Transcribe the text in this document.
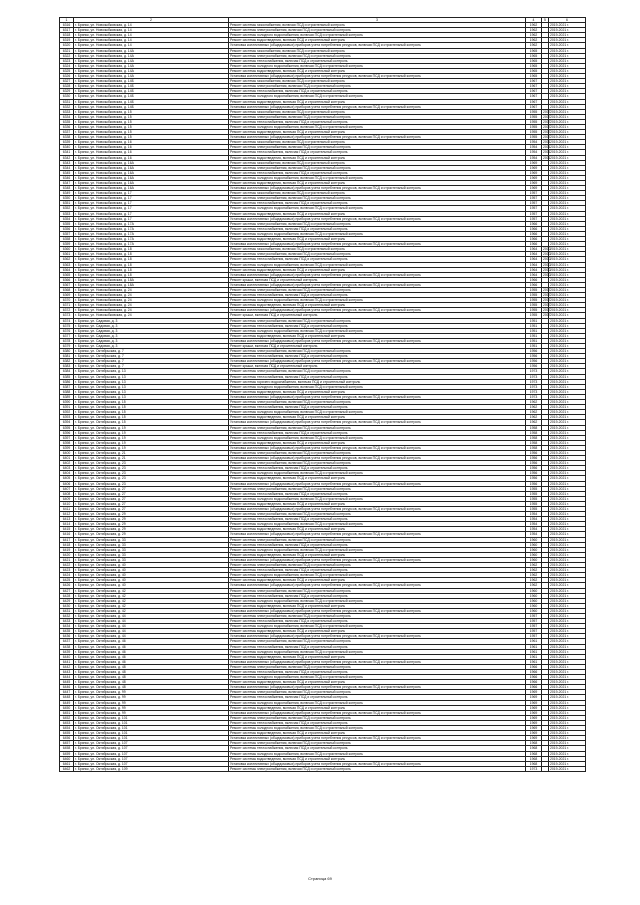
1	2	3	4	5	6
6316	г. Брянск, ул. Новозыбковская, д. 14	Ремонт системы газоснабжения, включая ПСД и строительный контроль	1962		2019-2021 г.
6317	г. Брянск, ул. Новозыбковская, д. 14	Ремонт системы электроснабжения, включая ПСД и строительный контроль	1962		2019-2021 г.
6318	г. Брянск, ул. Новозыбковская, д. 14	Ремонт системы холодного водоснабжения, включая ПСД и строительный контроль	1962		2019-2021 г.
6319	г. Брянск, ул. Новозыбковская, д. 14	Ремонт системы водоотведения, включая ПСД и строительный контроль	1962		2019-2021 г.
6320	г. Брянск, ул. Новозыбковская, д. 14	Установка коллективных (общедомовых) приборов учета потребления ресурсов, включая ПСД и строительный контроль	1962		2019-2021 г.
6321	г. Брянск, ул. Новозыбковская, д. 14А	Ремонт системы газоснабжения, включая ПСД и строительный контроль	1965		2019-2021 г.
6322	г. Брянск, ул. Новозыбковская, д. 14А	Ремонт системы электроснабжения, включая ПСД и строительный контроль	1965		2019-2021 г.
6323	г. Брянск, ул. Новозыбковская, д. 14А	Ремонт системы теплоснабжения, включая ПСД и строительный контроль	1965		2019-2021 г.
6324	г. Брянск, ул. Новозыбковская, д. 14А	Ремонт системы холодного водоснабжения, включая ПСД и строительный контроль	1965		2019-2021 г.
6325	г. Брянск, ул. Новозыбковская, д. 14А	Ремонт системы водоотведения, включая ПСД и строительный контроль	1965		2019-2021 г.
6326	г. Брянск, ул. Новозыбковская, д. 14А	Установка коллективных (общедомовых) приборов учета потребления ресурсов, включая ПСД и строительный контроль	1965		2019-2021 г.
6327	г. Брянск, ул. Новозыбковская, д. 14Б	Ремонт системы газоснабжения, включая ПСД и строительный контроль	1967		2019-2021 г.
6328	г. Брянск, ул. Новозыбковская, д. 14Б	Ремонт системы электроснабжения, включая ПСД и строительный контроль	1967		2019-2021 г.
6329	г. Брянск, ул. Новозыбковская, д. 14Б	Ремонт системы теплоснабжения, включая ПСД и строительный контроль	1967		2019-2021 г.
6330	г. Брянск, ул. Новозыбковская, д. 14Б	Ремонт системы холодного водоснабжения, включая ПСД и строительный контроль	1967		2019-2021 г.
6331	г. Брянск, ул. Новозыбковская, д. 14Б	Ремонт системы водоотведения, включая ПСД и строительный контроль	1967		2019-2021 г.
6332	г. Брянск, ул. Новозыбковская, д. 14Б	Установка коллективных (общедомовых) приборов учета потребления ресурсов, включая ПСД и строительный контроль	1967		2019-2021 г.
6333	г. Брянск, ул. Новозыбковская, д. 15	Ремонт системы газоснабжения, включая ПСД и строительный контроль	1955	2007	2019-2021 г.
6334	г. Брянск, ул. Новозыбковская, д. 15	Ремонт системы электроснабжения, включая ПСД и строительный контроль	1955	2007	2019-2021 г.
6335	г. Брянск, ул. Новозыбковская, д. 15	Ремонт системы теплоснабжения, включая ПСД и строительный контроль	1955	2007	2019-2021 г.
6336	г. Брянск, ул. Новозыбковская, д. 15	Ремонт системы холодного водоснабжения, включая ПСД и строительный контроль	1955	2007	2019-2021 г.
6337	г. Брянск, ул. Новозыбковская, д. 15	Ремонт системы водоотведения, включая ПСД и строительный контроль	1955	2007	2019-2021 г.
6338	г. Брянск, ул. Новозыбковская, д. 15	Установка коллективных (общедомовых) приборов учета потребления ресурсов, включая ПСД и строительный контроль	1955	2007	2019-2021 г.
6339	г. Брянск, ул. Новозыбковская, д. 16	Ремонт системы газоснабжения, включая ПСД и строительный контроль	1954	2001	2019-2021 г.
6340	г. Брянск, ул. Новозыбковская, д. 16	Ремонт системы электроснабжения, включая ПСД и строительный контроль	1954	2001	2019-2021 г.
6341	г. Брянск, ул. Новозыбковская, д. 16	Ремонт системы теплоснабжения, включая ПСД и строительный контроль	1954	2001	2019-2021 г.
6342	г. Брянск, ул. Новозыбковская, д. 16	Ремонт системы водоотведения, включая ПСД и строительный контроль	1954	2001	2019-2021 г.
6343	г. Брянск, ул. Новозыбковская, д. 16А	Ремонт системы газоснабжения, включая ПСД и строительный контроль	1969		2019-2021 г.
6344	г. Брянск, ул. Новозыбковская, д. 16А	Ремонт системы электроснабжения, включая ПСД и строительный контроль	1969		2019-2021 г.
6345	г. Брянск, ул. Новозыбковская, д. 16А	Ремонт системы теплоснабжения, включая ПСД и строительный контроль	1969		2019-2021 г.
6346	г. Брянск, ул. Новозыбковская, д. 16А	Ремонт системы холодного водоснабжения, включая ПСД и строительный контроль	1969		2019-2021 г.
6347	г. Брянск, ул. Новозыбковская, д. 16А	Ремонт системы водоотведения, включая ПСД и строительный контроль	1969		2019-2021 г.
6348	г. Брянск, ул. Новозыбковская, д. 16А	Установка коллективных (общедомовых) приборов учета потребления ресурсов, включая ПСД и строительный контроль	1969		2019-2021 г.
6349	г. Брянск, ул. Новозыбковская, д. 17	Ремонт системы газоснабжения, включая ПСД и строительный контроль	1957		2019-2021 г.
6350	г. Брянск, ул. Новозыбковская, д. 17	Ремонт системы электроснабжения, включая ПСД и строительный контроль	1957		2019-2021 г.
6351	г. Брянск, ул. Новозыбковская, д. 17	Ремонт системы теплоснабжения, включая ПСД и строительный контроль	1957		2019-2021 г.
6352	г. Брянск, ул. Новозыбковская, д. 17	Ремонт системы холодного водоснабжения, включая ПСД и строительный контроль	1957		2019-2021 г.
6353	г. Брянск, ул. Новозыбковская, д. 17	Ремонт системы водоотведения, включая ПСД и строительный контроль	1957		2019-2021 г.
6354	г. Брянск, ул. Новозыбковская, д. 17	Установка коллективных (общедомовых) приборов учета потребления ресурсов, включая ПСД и строительный контроль	1957		2019-2021 г.
6355	г. Брянск, ул. Новозыбковская, д. 17А	Ремонт системы электроснабжения, включая ПСД и строительный контроль	1966		2019-2021 г.
6356	г. Брянск, ул. Новозыбковская, д. 17А	Ремонт системы теплоснабжения, включая ПСД и строительный контроль	1966		2019-2021 г.
6357	г. Брянск, ул. Новозыбковская, д. 17А	Ремонт системы холодного водоснабжения, включая ПСД и строительный контроль	1966		2019-2021 г.
6358	г. Брянск, ул. Новозыбковская, д. 17А	Ремонт системы водоотведения, включая ПСД и строительный контроль	1966		2019-2021 г.
6359	г. Брянск, ул. Новозыбковская, д. 17А	Установка коллективных (общедомовых) приборов учета потребления ресурсов, включая ПСД и строительный контроль	1966		2019-2021 г.
6360	г. Брянск, ул. Новозыбковская, д. 18	Ремонт системы газоснабжения, включая ПСД и строительный контроль	1964	2000	2019-2021 г.
6361	г. Брянск, ул. Новозыбковская, д. 18	Ремонт системы электроснабжения, включая ПСД и строительный контроль	1964	2000	2019-2021 г.
6362	г. Брянск, ул. Новозыбковская, д. 18	Ремонт системы теплоснабжения, включая ПСД и строительный контроль	1964	2000	2019-2021 г.
6363	г. Брянск, ул. Новозыбковская, д. 18	Ремонт системы холодного водоснабжения, включая ПСД и строительный контроль	1964	2000	2019-2021 г.
6364	г. Брянск, ул. Новозыбковская, д. 18	Ремонт системы водоотведения, включая ПСД и строительный контроль	1964	2000	2019-2021 г.
6365	г. Брянск, ул. Новозыбковская, д. 18	Установка коллективных (общедомовых) приборов учета потребления ресурсов, включая ПСД и строительный контроль	1964	2000	2019-2021 г.
6366	г. Брянск, ул. Новозыбковская, д. 18А	Ремонт крыши, включая ПСД и строительный контроль	1966		2019-2021 г.
6367	г. Брянск, ул. Новозыбковская, д. 18А	Установка коллективных (общедомовых) приборов учета потребления ресурсов, включая ПСД и строительный контроль	1966		2019-2021 г.
6368	г. Брянск, ул. Новозыбковская, д. 24	Ремонт системы электроснабжения, включая ПСД и строительный контроль	1955	2007	2019-2021 г.
6369	г. Брянск, ул. Новозыбковская, д. 24	Ремонт системы теплоснабжения, включая ПСД и строительный контроль	1955	2007	2019-2021 г.
6370	г. Брянск, ул. Новозыбковская, д. 24	Ремонт системы холодного водоснабжения, включая ПСД и строительный контроль	1955	2007	2019-2021 г.
6371	г. Брянск, ул. Новозыбковская, д. 24	Ремонт системы водоотведения, включая ПСД и строительный контроль	1955	2007	2019-2021 г.
6372	г. Брянск, ул. Новозыбковская, д. 24	Установка коллективных (общедомовых) приборов учета потребления ресурсов, включая ПСД и строительный контроль	1955	2007	2019-2021 г.
6373	г. Брянск, ул. Новозыбковская, д. 24	Ремонт крыши, включая ПСД и строительный контроль	1955	2007	2019-2021 г.
6374	г. Брянск, ул. Садовая, д. 3	Ремонт системы электроснабжения, включая ПСД и строительный контроль	1951		2019-2021 г.
6375	г. Брянск, ул. Садовая, д. 3	Ремонт системы теплоснабжения, включая ПСД и строительный контроль	1951		2019-2021 г.
6376	г. Брянск, ул. Садовая, д. 3	Ремонт системы холодного водоснабжения, включая ПСД и строительный контроль	1951		2019-2021 г.
6377	г. Брянск, ул. Садовая, д. 3	Ремонт системы водоотведения, включая ПСД и строительный контроль	1951		2019-2021 г.
6378	г. Брянск, ул. Садовая, д. 3	Установка коллективных (общедомовых) приборов учета потребления ресурсов, включая ПСД и строительный контроль	1951		2019-2021 г.
6379	г. Брянск, ул. Садовая, д. 3	Ремонт крыши, включая ПСД и строительный контроль	1951		2019-2021 г.
6380	г. Брянск, ул. Октябрьская, д. 7	Ремонт системы электроснабжения, включая ПСД и строительный контроль	1956		2019-2021 г.
6381	г. Брянск, ул. Октябрьская, д. 7	Ремонт системы теплоснабжения, включая ПСД и строительный контроль	1956		2019-2021 г.
6382	г. Брянск, ул. Октябрьская, д. 7	Установка коллективных (общедомовых) приборов учета потребления ресурсов, включая ПСД и строительный контроль	1956		2019-2021 г.
6383	г. Брянск, ул. Октябрьская, д. 7	Ремонт крыши, включая ПСД и строительный контроль	1956		2019-2021 г.
6384	г. Брянск, ул. Октябрьская, д. 13	Ремонт системы электроснабжения, включая ПСД и строительный контроль	1973		2019-2021 г.
6385	г. Брянск, ул. Октябрьская, д. 13	Ремонт системы теплоснабжения, включая ПСД и строительный контроль	1973		2019-2021 г.
6386	г. Брянск, ул. Октябрьская, д. 13	Ремонт системы горячего водоснабжения, включая ПСД и строительный контроль	1973		2019-2021 г.
6387	г. Брянск, ул. Октябрьская, д. 13	Ремонт системы холодного водоснабжения, включая ПСД и строительный контроль	1973		2019-2021 г.
6388	г. Брянск, ул. Октябрьская, д. 13	Ремонт системы водоотведения, включая ПСД и строительный контроль	1973		2019-2021 г.
6389	г. Брянск, ул. Октябрьская, д. 13	Установка коллективных (общедомовых) приборов учета потребления ресурсов, включая ПСД и строительный контроль	1973		2019-2021 г.
6390	г. Брянск, ул. Октябрьская, д. 15	Ремонт системы электроснабжения, включая ПСД и строительный контроль	1962		2019-2021 г.
6391	г. Брянск, ул. Октябрьская, д. 15	Ремонт системы теплоснабжения, включая ПСД и строительный контроль	1962		2019-2021 г.
6392	г. Брянск, ул. Октябрьская, д. 15	Ремонт системы холодного водоснабжения, включая ПСД и строительный контроль	1962		2019-2021 г.
6393	г. Брянск, ул. Октябрьская, д. 15	Ремонт системы водоотведения, включая ПСД и строительный контроль	1962		2019-2021 г.
6394	г. Брянск, ул. Октябрьская, д. 15	Установка коллективных (общедомовых) приборов учета потребления ресурсов, включая ПСД и строительный контроль	1962		2019-2021 г.
6395	г. Брянск, ул. Октябрьская, д. 19	Ремонт системы электроснабжения, включая ПСД и строительный контроль	1958		2019-2021 г.
6396	г. Брянск, ул. Октябрьская, д. 19	Ремонт системы теплоснабжения, включая ПСД и строительный контроль	1958		2019-2021 г.
6397	г. Брянск, ул. Октябрьская, д. 19	Ремонт системы холодного водоснабжения, включая ПСД и строительный контроль	1958		2019-2021 г.
6398	г. Брянск, ул. Октябрьская, д. 19	Ремонт системы водоотведения, включая ПСД и строительный контроль	1958		2019-2021 г.
6399	г. Брянск, ул. Октябрьская, д. 19	Установка коллективных (общедомовых) приборов учета потребления ресурсов, включая ПСД и строительный контроль	1958		2019-2021 г.
6400	г. Брянск, ул. Октябрьская, д. 21	Ремонт системы электроснабжения, включая ПСД и строительный контроль	1956		2019-2021 г.
6401	г. Брянск, ул. Октябрьская, д. 21	Установка коллективных (общедомовых) приборов учета потребления ресурсов, включая ПСД и строительный контроль	1956		2019-2021 г.
6402	г. Брянск, ул. Октябрьская, д. 23	Ремонт системы электроснабжения, включая ПСД и строительный контроль	1956		2019-2021 г.
6403	г. Брянск, ул. Октябрьская, д. 23	Ремонт системы теплоснабжения, включая ПСД и строительный контроль	1956		2019-2021 г.
6404	г. Брянск, ул. Октябрьская, д. 23	Ремонт системы холодного водоснабжения, включая ПСД и строительный контроль	1956		2019-2021 г.
6405	г. Брянск, ул. Октябрьская, д. 23	Ремонт системы водоотведения, включая ПСД и строительный контроль	1956		2019-2021 г.
6406	г. Брянск, ул. Октябрьская, д. 23	Установка коллективных (общедомовых) приборов учета потребления ресурсов, включая ПСД и строительный контроль	1956		2019-2021 г.
6407	г. Брянск, ул. Октябрьская, д. 27	Ремонт системы электроснабжения, включая ПСД и строительный контроль	1955		2019-2021 г.
6408	г. Брянск, ул. Октябрьская, д. 27	Ремонт системы теплоснабжения, включая ПСД и строительный контроль	1955		2019-2021 г.
6409	г. Брянск, ул. Октябрьская, д. 27	Ремонт системы холодного водоснабжения, включая ПСД и строительный контроль	1955		2019-2021 г.
6410	г. Брянск, ул. Октябрьская, д. 27	Ремонт системы водоотведения, включая ПСД и строительный контроль	1955		2019-2021 г.
6411	г. Брянск, ул. Октябрьская, д. 27	Установка коллективных (общедомовых) приборов учета потребления ресурсов, включая ПСД и строительный контроль	1955		2019-2021 г.
6412	г. Брянск, ул. Октябрьская, д. 29	Ремонт системы электроснабжения, включая ПСД и строительный контроль	1954		2019-2021 г.
6413	г. Брянск, ул. Октябрьская, д. 29	Ремонт системы теплоснабжения, включая ПСД и строительный контроль	1954		2019-2021 г.
6414	г. Брянск, ул. Октябрьская, д. 29	Ремонт системы холодного водоснабжения, включая ПСД и строительный контроль	1954		2019-2021 г.
6415	г. Брянск, ул. Октябрьская, д. 29	Ремонт системы водоотведения, включая ПСД и строительный контроль	1954		2019-2021 г.
6416	г. Брянск, ул. Октябрьская, д. 29	Установка коллективных (общедомовых) приборов учета потребления ресурсов, включая ПСД и строительный контроль	1954		2019-2021 г.
6417	г. Брянск, ул. Октябрьская, д. 33	Ремонт системы электроснабжения, включая ПСД и строительный контроль	1960		2019-2021 г.
6418	г. Брянск, ул. Октябрьская, д. 33	Ремонт системы теплоснабжения, включая ПСД и строительный контроль	1960		2019-2021 г.
6419	г. Брянск, ул. Октябрьская, д. 33	Ремонт системы холодного водоснабжения, включая ПСД и строительный контроль	1960		2019-2021 г.
6420	г. Брянск, ул. Октябрьская, д. 33	Ремонт системы водоотведения, включая ПСД и строительный контроль	1960		2019-2021 г.
6421	г. Брянск, ул. Октябрьская, д. 33	Установка коллективных (общедомовых) приборов учета потребления ресурсов, включая ПСД и строительный контроль	1960		2019-2021 г.
6422	г. Брянск, ул. Октябрьская, д. 40	Ремонт системы электроснабжения, включая ПСД и строительный контроль	1962		2019-2021 г.
6423	г. Брянск, ул. Октябрьская, д. 40	Ремонт системы теплоснабжения, включая ПСД и строительный контроль	1962		2019-2021 г.
6424	г. Брянск, ул. Октябрьская, д. 40	Ремонт системы холодного водоснабжения, включая ПСД и строительный контроль	1962		2019-2021 г.
6425	г. Брянск, ул. Октябрьская, д. 40	Ремонт системы водоотведения, включая ПСД и строительный контроль	1962		2019-2021 г.
6426	г. Брянск, ул. Октябрьская, д. 40	Установка коллективных (общедомовых) приборов учета потребления ресурсов, включая ПСД и строительный контроль	1962		2019-2021 г.
6427	г. Брянск, ул. Октябрьская, д. 42	Ремонт системы электроснабжения, включая ПСД и строительный контроль	1960		2019-2021 г.
6428	г. Брянск, ул. Октябрьская, д. 42	Ремонт системы теплоснабжения, включая ПСД и строительный контроль	1960		2019-2021 г.
6429	г. Брянск, ул. Октябрьская, д. 42	Ремонт системы холодного водоснабжения, включая ПСД и строительный контроль	1960		2019-2021 г.
6430	г. Брянск, ул. Октябрьская, д. 42	Ремонт системы водоотведения, включая ПСД и строительный контроль	1960		2019-2021 г.
6431	г. Брянск, ул. Октябрьская, д. 42	Установка коллективных (общедомовых) приборов учета потребления ресурсов, включая ПСД и строительный контроль	1960		2019-2021 г.
6432	г. Брянск, ул. Октябрьская, д. 44	Ремонт системы электроснабжения, включая ПСД и строительный контроль	1957		2019-2021 г.
6433	г. Брянск, ул. Октябрьская, д. 44	Ремонт системы теплоснабжения, включая ПСД и строительный контроль	1957		2019-2021 г.
6434	г. Брянск, ул. Октябрьская, д. 44	Ремонт системы холодного водоснабжения, включая ПСД и строительный контроль	1957		2019-2021 г.
6435	г. Брянск, ул. Октябрьская, д. 44	Ремонт системы водоотведения, включая ПСД и строительный контроль	1957		2019-2021 г.
6436	г. Брянск, ул. Октябрьская, д. 44	Установка коллективных (общедомовых) приборов учета потребления ресурсов, включая ПСД и строительный контроль	1957		2019-2021 г.
6437	г. Брянск, ул. Октябрьская, д. 46	Ремонт системы электроснабжения, включая ПСД и строительный контроль	1961		2019-2021 г.
6438	г. Брянск, ул. Октябрьская, д. 46	Ремонт системы теплоснабжения, включая ПСД и строительный контроль	1961		2019-2021 г.
6439	г. Брянск, ул. Октябрьская, д. 46	Ремонт системы холодного водоснабжения, включая ПСД и строительный контроль	1961		2019-2021 г.
6440	г. Брянск, ул. Октябрьская, д. 46	Ремонт системы водоотведения, включая ПСД и строительный контроль	1961		2019-2021 г.
6441	г. Брянск, ул. Октябрьская, д. 46	Установка коллективных (общедомовых) приборов учета потребления ресурсов, включая ПСД и строительный контроль	1961		2019-2021 г.
6442	г. Брянск, ул. Октябрьская, д. 48	Ремонт системы электроснабжения, включая ПСД и строительный контроль	1966		2019-2021 г.
6443	г. Брянск, ул. Октябрьская, д. 48	Ремонт системы теплоснабжения, включая ПСД и строительный контроль	1966		2019-2021 г.
6444	г. Брянск, ул. Октябрьская, д. 48	Ремонт системы холодного водоснабжения, включая ПСД и строительный контроль	1966		2019-2021 г.
6445	г. Брянск, ул. Октябрьская, д. 48	Ремонт системы водоотведения, включая ПСД и строительный контроль	1966		2019-2021 г.
6446	г. Брянск, ул. Октябрьская, д. 48	Установка коллективных (общедомовых) приборов учета потребления ресурсов, включая ПСД и строительный контроль	1966		2019-2021 г.
6447	г. Брянск, ул. Октябрьская, д. 99	Ремонт системы электроснабжения, включая ПСД и строительный контроль	1969		2019-2021 г.
6448	г. Брянск, ул. Октябрьская, д. 99	Ремонт системы теплоснабжения, включая ПСД и строительный контроль	1969		2019-2021 г.
6449	г. Брянск, ул. Октябрьская, д. 99	Ремонт системы холодного водоснабжения, включая ПСД и строительный контроль	1969		2019-2021 г.
6450	г. Брянск, ул. Октябрьская, д. 99	Ремонт системы водоотведения, включая ПСД и строительный контроль	1969		2019-2021 г.
6451	г. Брянск, ул. Октябрьская, д. 99	Установка коллективных (общедомовых) приборов учета потребления ресурсов, включая ПСД и строительный контроль	1969		2019-2021 г.
6452	г. Брянск, ул. Октябрьская, д. 101	Ремонт системы электроснабжения, включая ПСД и строительный контроль	1969		2019-2021 г.
6453	г. Брянск, ул. Октябрьская, д. 101	Ремонт системы теплоснабжения, включая ПСД и строительный контроль	1969		2019-2021 г.
6454	г. Брянск, ул. Октябрьская, д. 101	Ремонт системы холодного водоснабжения, включая ПСД и строительный контроль	1969		2019-2021 г.
6455	г. Брянск, ул. Октябрьская, д. 101	Ремонт системы водоотведения, включая ПСД и строительный контроль	1969		2019-2021 г.
6456	г. Брянск, ул. Октябрьская, д. 101	Установка коллективных (общедомовых) приборов учета потребления ресурсов, включая ПСД и строительный контроль	1969		2019-2021 г.
6457	г. Брянск, ул. Октябрьская, д. 107	Ремонт системы электроснабжения, включая ПСД и строительный контроль	1968		2019-2021 г.
6458	г. Брянск, ул. Октябрьская, д. 107	Ремонт системы теплоснабжения, включая ПСД и строительный контроль	1968		2019-2021 г.
6459	г. Брянск, ул. Октябрьская, д. 107	Ремонт системы холодного водоснабжения, включая ПСД и строительный контроль	1968		2019-2021 г.
6460	г. Брянск, ул. Октябрьская, д. 107	Ремонт системы водоотведения, включая ПСД и строительный контроль	1968		2019-2021 г.
6461	г. Брянск, ул. Октябрьская, д. 107	Установка коллективных (общедомовых) приборов учета потребления ресурсов, включая ПСД и строительный контроль	1968		2019-2021 г.
6462	г. Брянск, ул. Октябрьская, д. 109	Ремонт системы электроснабжения, включая ПСД и строительный контроль	1973		2019-2021 г.
Страница 69
